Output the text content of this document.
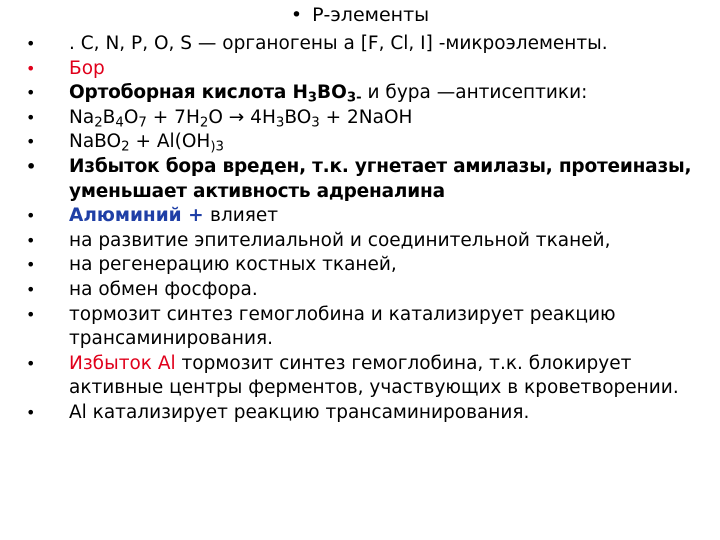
• Р-элементы
• . C, N, P, O, S — органогены а [F, Cl, I] -микроэлементы.
• Бор
• Ортоборная кислота $H_3BO_{3-}$ и бура —антисептики:
• $Na_2B_4O_7 + 7H_2O \to 4H_3BO_3$ + 2NaOH
• NaBO$_2$ + $Al(OH_{)3}$
• Избыток бора вреден, т.к. угнетает амилазы, протеиназы,
уменьшает активность адреналина
• Алюминий + влияет
• на развитие эпителиальной и соединительной тканей,
• на регенерацию костных тканей,
• на обмен фосфора.
• тормозит синтез гемоглобина и катализирует реакцию
трансаминирования.
• Избыток Al тормозит синтез гемоглобина, т.к. блокирует
активные центры ферментов, участвующих в кроветворении.
• Al катализирует реакцию трансаминирования.
